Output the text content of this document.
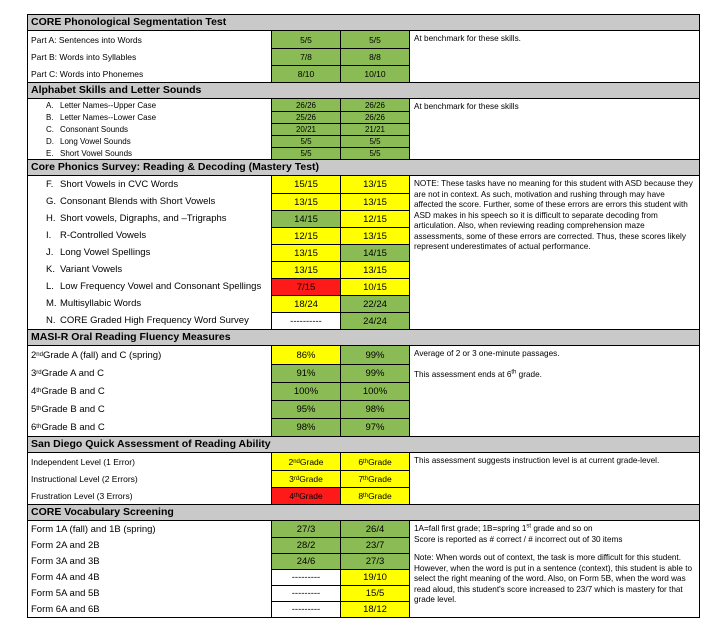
CORE Phonological Segmentation Test
Part A: Sentences into Words	5/5	5/5
Part B: Words into Syllables	7/8	8/8
Part C: Words into Phonemes	8/10	10/10

At benchmark for these skills.

Alphabet Skills and Letter Sounds
A. Letter Names--Upper Case	26/26	26/26
B. Letter Names--Lower Case	25/26	26/26
C. Consonant Sounds	20/21	21/21
D. Long Vowel Sounds	5/5	5/5
E. Short Vowel Sounds	5/5	5/5

At benchmark for these skills

Core Phonics Survey: Reading & Decoding (Mastery Test)
F. Short Vowels in CVC Words	15/15	13/15
G. Consonant Blends with Short Vowels	13/15	13/15
H. Short vowels, Digraphs, and –Trigraphs	14/15	12/15
I. R-Controlled Vowels	12/15	13/15
J. Long Vowel Spellings	13/15	14/15
K. Variant Vowels	13/15	13/15
L. Low Frequency Vowel and Consonant Spellings	7/15	10/15
M. Multisyllabic Words	18/24	22/24
N. CORE Graded High Frequency Word Survey	----------	24/24

NOTE: These tasks have no meaning for this student with ASD because they are not in context. As such, motivation and rushing through may have affected the score. Further, some of these errors are errors this student with ASD makes in his speech so it is difficult to separate decoding from articulation. Also, when reviewing reading comprehension maze assessments, some of these errors are corrected. Thus, these scores likely represent underestimates of actual performance.

MASI-R Oral Reading Fluency Measures
2 nd Grade A (fall) and C (spring)	86%	99%
3 rd Grade A and C	91%	99%
4 th Grade B and C	100%	100%
5 th Grade B and C	95%	98%
6 th Grade B and C	98%	97%

Average of 2 or 3 one-minute passages.

This assessment ends at 6th grade.

San Diego Quick Assessment of Reading Ability
Independent Level (1 Error)	2 nd Grade	6 th Grade
Instructional Level (2 Errors)	3 rd Grade	7 th Grade
Frustration Level (3 Errors)	4 th Grade	8 th Grade

This assessment suggests instruction level is at current grade-level.

CORE Vocabulary Screening
Form 1A (fall) and 1B (spring)	27/3	26/4
Form 2A and 2B	28/2	23/7
Form 3A and 3B	24/6	27/3
Form 4A and 4B	---------	19/10
Form 5A and 5B	---------	15/5
Form 6A and 6B	---------	18/12

1A=fall first grade; 1B=spring 1st grade and so on

Score is reported as # correct / # incorrect out of 30 items

Note: When words out of context, the task is more difficult for this student. However, when the word is put in a sentence (context), this student is able to select the right meaning of the word. Also, on Form 5B, when the word was read aloud, this student's score increased to 23/7 which is mastery for that grade level.
